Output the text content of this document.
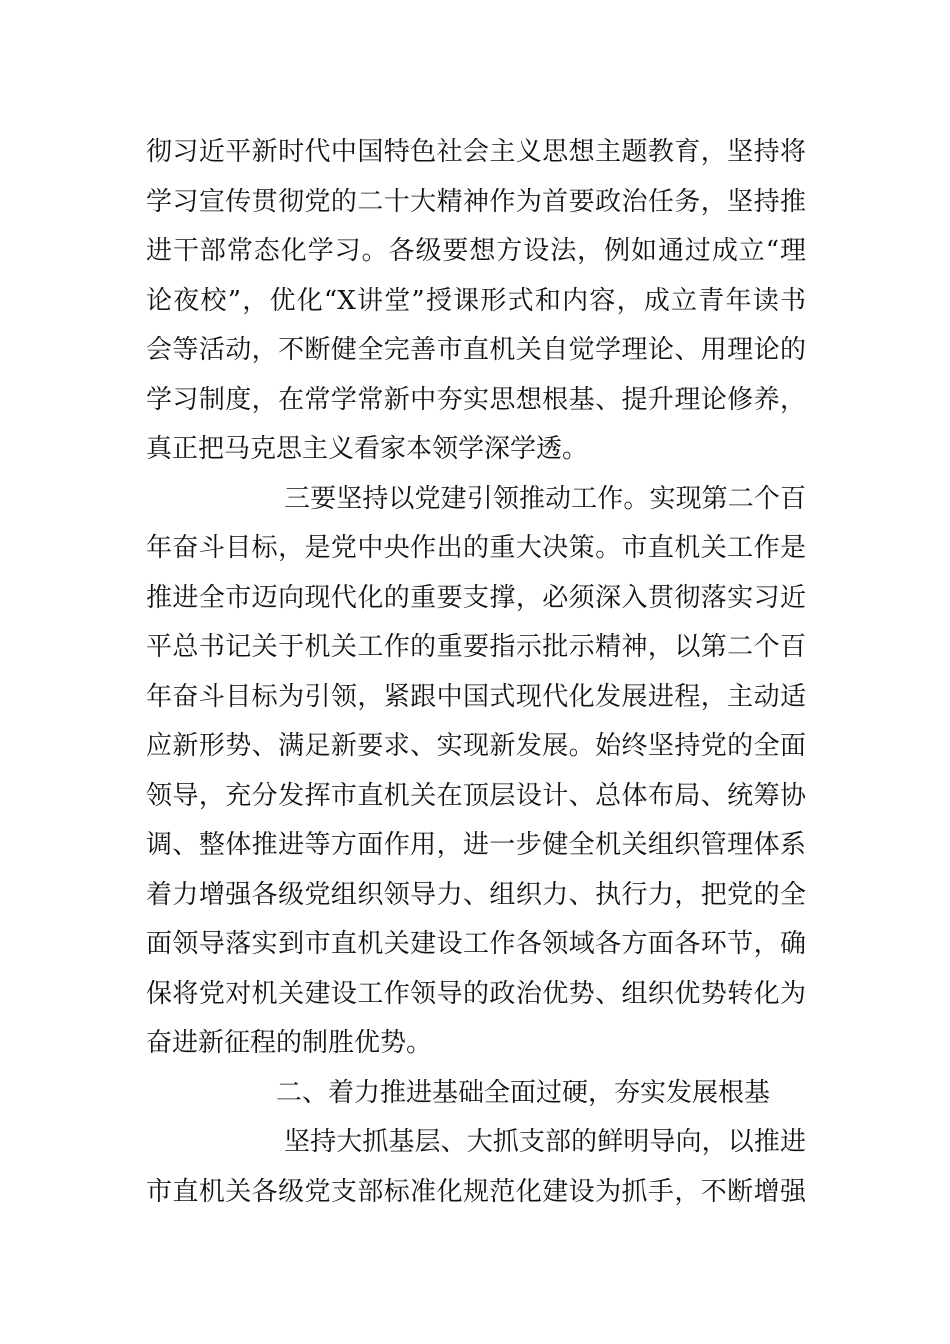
彻习近平新时代中国特色社会主义思想主题教育，坚持将
学习宣传贯彻党的二十大精神作为首要政治任务，坚持推
进干部常态化学习。各级要想方设法，例如通过成立“理
论夜校”，优化“X讲堂”授课形式和内容，成立青年读书
会等活动，不断健全完善市直机关自觉学理论、用理论的
学习制度，在常学常新中夯实思想根基、提升理论修养，
真正把马克思主义看家本领学深学透。
三要坚持以党建引领推动工作。实现第二个百
年奋斗目标，是党中央作出的重大决策。市直机关工作是
推进全市迈向现代化的重要支撑，必须深入贯彻落实习近
平总书记关于机关工作的重要指示批示精神，以第二个百
年奋斗目标为引领，紧跟中国式现代化发展进程，主动适
应新形势、满足新要求、实现新发展。始终坚持党的全面
领导，充分发挥市直机关在顶层设计、总体布局、统筹协
调、整体推进等方面作用，进一步健全机关组织管理体系
着力增强各级党组织领导力、组织力、执行力，把党的全
面领导落实到市直机关建设工作各领域各方面各环节，确
保将党对机关建设工作领导的政治优势、组织优势转化为
奋进新征程的制胜优势。
二、着力推进基础全面过硬，夯实发展根基
坚持大抓基层、大抓支部的鲜明导向，以推进
市直机关各级党支部标准化规范化建设为抓手，不断增强
